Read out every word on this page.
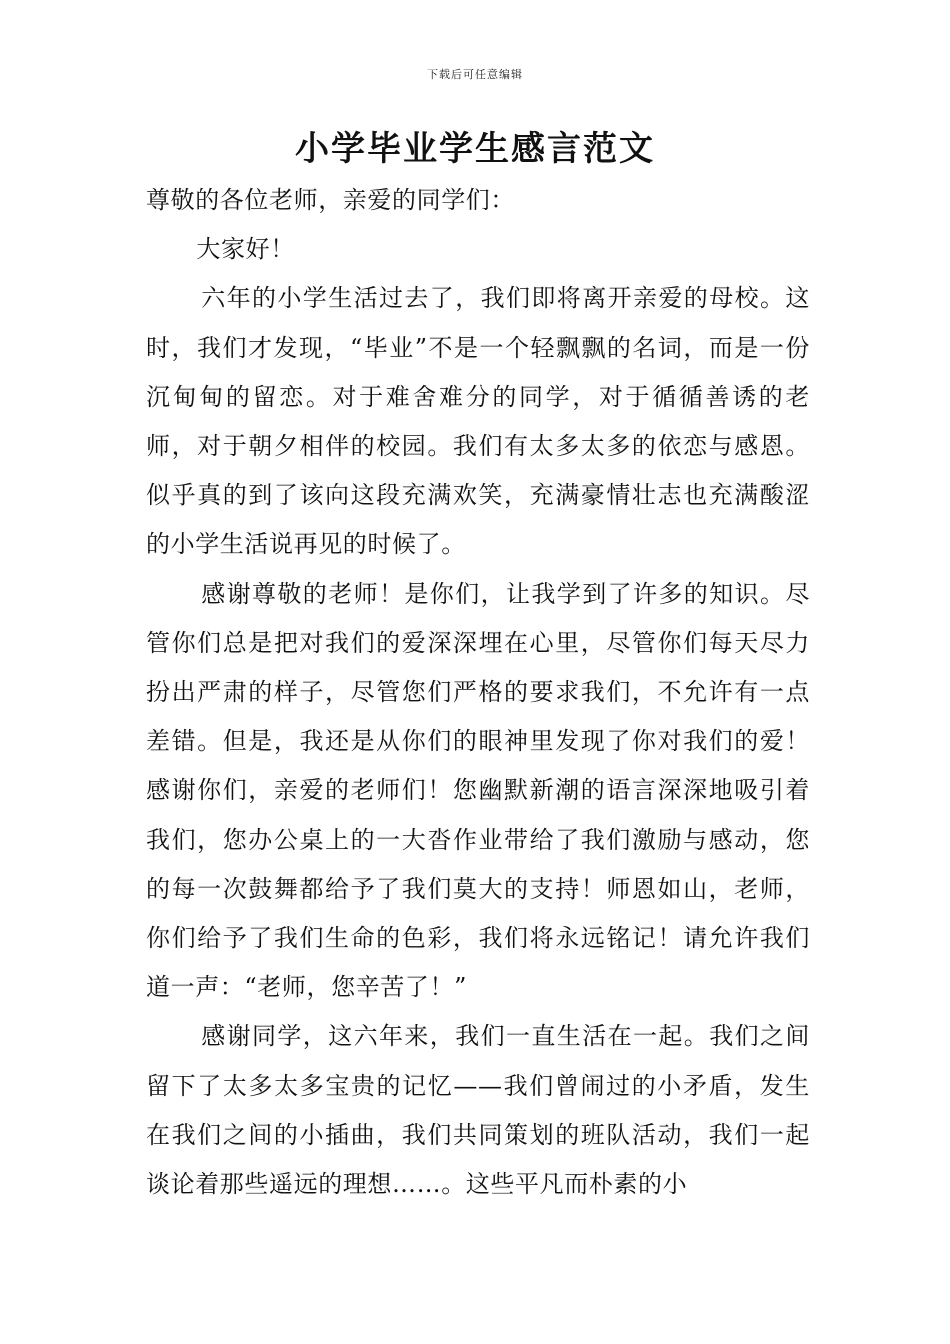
下载后可任意编辑
小学毕业学生感言范文

尊敬的各位老师，亲爱的同学们：

大家好！

六年的小学生活过去了，我们即将离开亲爱的母校。这时，我们才发现，“毕业”不是一个轻飘飘的名词，而是一份沉甸甸的留恋。对于难舍难分的同学，对于循循善诱的老师，对于朝夕相伴的校园。我们有太多太多的依恋与感恩。似乎真的到了该向这段充满欢笑，充满豪情壮志也充满酸涩的小学生活说再见的时候了。

感谢尊敬的老师！是你们，让我学到了许多的知识。尽管你们总是把对我们的爱深深埋在心里，尽管你们每天尽力扮出严肃的样子，尽管您们严格的要求我们，不允许有一点差错。但是，我还是从你们的眼神里发现了你对我们的爱！感谢你们，亲爱的老师们！您幽默新潮的语言深深地吸引着我们，您办公桌上的一大沓作业带给了我们激励与感动，您的每一次鼓舞都给予了我们莫大的支持！师恩如山，老师，你们给予了我们生命的色彩，我们将永远铭记！请允许我们道一声：“老师，您辛苦了！”

感谢同学，这六年来，我们一直生活在一起。我们之间留下了太多太多宝贵的记忆——我们曾闹过的小矛盾，发生在我们之间的小插曲，我们共同策划的班队活动，我们一起谈论着那些遥远的理想……。这些平凡而朴素的小
